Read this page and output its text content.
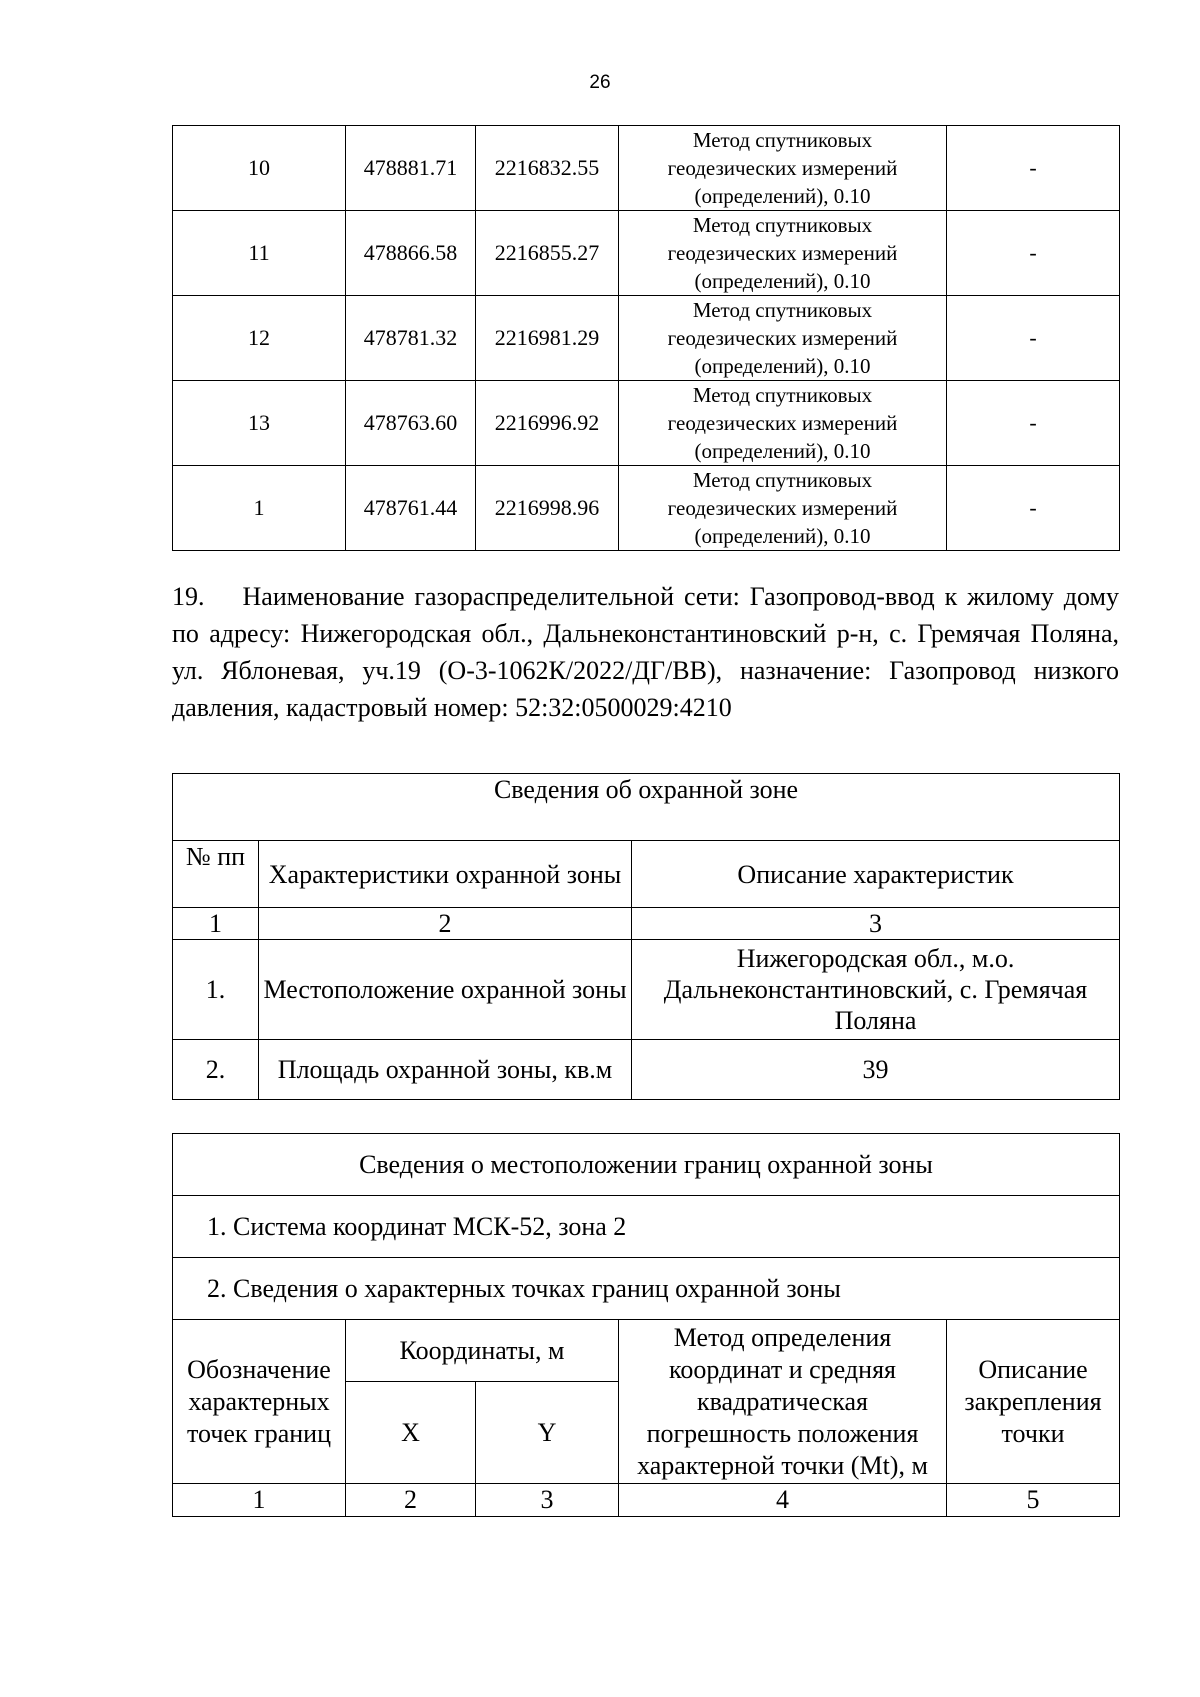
26
10	478881.71	2216832.55	Метод спутниковых
геодезических измерений
(определений), 0.10	-
11	478866.58	2216855.27	Метод спутниковых
геодезических измерений
(определений), 0.10	-
12	478781.32	2216981.29	Метод спутниковых
геодезических измерений
(определений), 0.10	-
13	478763.60	2216996.92	Метод спутниковых
геодезических измерений
(определений), 0.10	-
1	478761.44	2216998.96	Метод спутниковых
геодезических измерений
(определений), 0.10	-
19. Наименование газораспределительной сети: Газопровод-ввод к жилому дому по адресу: Нижегородская обл., Дальнеконстантиновский р-н, с. Гремячая Поляна, ул. Яблоневая, уч.19 (О-3-1062К/2022/ДГ/ВВ), назначение: Газопровод низкого давления, кадастровый номер: 52:32:0500029:4210
Сведения об охранной зоне		
№ пп	Характеристики охранной зоны	Описание характеристик
1	2	3
1.	Местоположение охранной зоны	Нижегородская обл., м.о. Дальнеконстантиновский, с. Гремячая Поляна
2.	Площадь охранной зоны, кв.м	39
Сведения о местоположении границ охранной зоны				
1. Система координат МСК-52, зона 2				
2. Сведения о характерных точках границ охранной зоны				
Обозначение характерных точек границ	Координаты, м		Метод определения координат и средняя квадратическая погрешность положения характерной точки (Mt), м	Описание закрепления точки
	X	Y		
1	2	3	4	5
